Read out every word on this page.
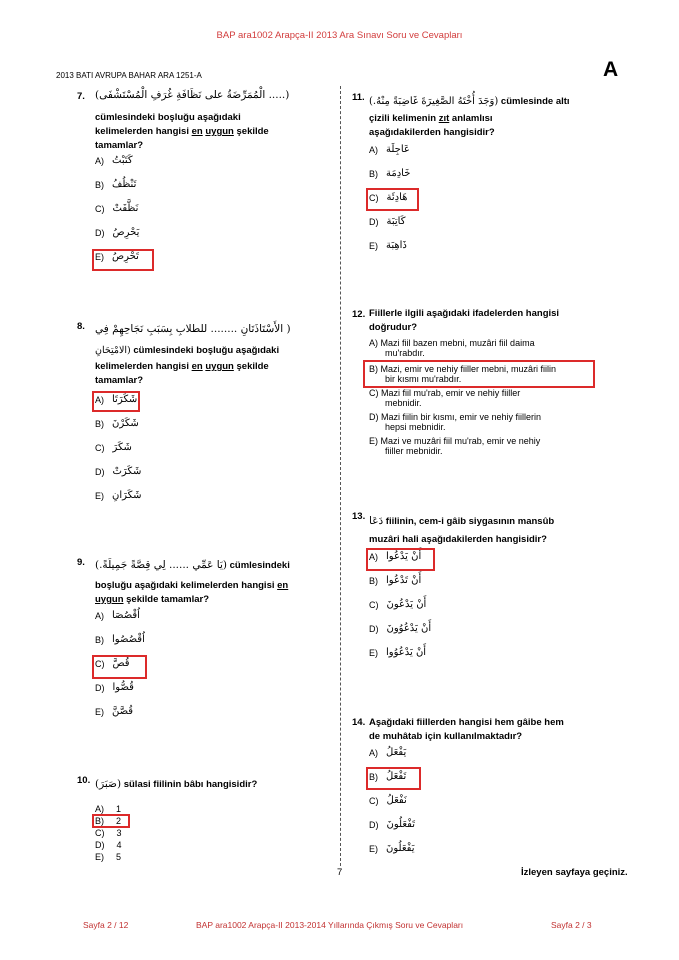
BAP ara1002 Arapça-II 2013 Ara Sınavı Soru ve Cevapları
2013 BATI AVRUPA BAHAR ARA 1251-A	A
7. (..... الْمُمَرِّضَةُ على نَظَافَةِ غُرَفِ الْمُسْتَشْفَى)
cümlesindeki boşluğu aşağıdaki
kelimelerden hangisi en uygun şekilde
tamamlar?
A) كَتَبْتُ
B) تَنْظُفُ
C) نَظَّفَتْ
D) يَحْرِصُ
E) تَحْرِصُ
8. ( الأَسْتَاذَتَانِ ........ للطلابِ بِسَبَبِ نَجَاحِهِمْ فِي
(الامْتِحَانِ cümlesindeki boşluğu aşağıdaki
kelimelerden hangisi en uygun şekilde
tamamlar?
A) شَكَرَتَا
B) شَكَرْنَ
C) شَكَرَ
D) شَكَرَتْ
E) شَكَرَانِ
9. (يَا عَمِّي ...... لِي قِصَّةً جَمِيلَةً.) cümlesindeki
boşluğu aşağıdaki kelimelerden hangisi en
uygun şekilde tamamlar?
A) اُقْصُصَا
B) اُقْصُصُوا
C) قُصَّ
D) قُصُّوا
E) قُصَّنَّ
10. (صَبَرَ) sülasi fiilinin bâbı hangisidir?
A) 1
B) 2
C) 3
D) 4
E) 5
11. (وَجَدَ أُخْتَهُ الصَّغِيرَةَ غَاضِبَةً مِنْهُ.) cümlesinde altı
çizili kelimenin zıt anlamlısı
aşağıdakilerden hangisidir?
A) عَاجِلَة
B) خَادِمَة
C) هَادِئَة
D) كَاتِبَة
E) ذَاهِبَة
12. Fiillerle ilgili aşağıdaki ifadelerden hangisi
doğrudur?
A) Mazi fiil bazen mebni, muzâri fiil daima
mu'rabdır.
B) Mazi, emir ve nehiy fiiller mebni, muzâri fiilin
bir kısmı mu'rabdır.
C) Mazi fiil mu'rab, emir ve nehiy fiiller
mebnidir.
D) Mazi fiilin bir kısmı, emir ve nehiy fiillerin
hepsi mebnidir.
E) Mazi ve muzâri fiil mu'rab, emir ve nehiy
fiiller mebnidir.
13. دَعَا fiilinin, cem-i gâib siygasının mansûb
muzâri hali aşağıdakilerden hangisidir?
A) أَنْ يَدْعُوا
B) أَنْ تَدْعُوا
C) أَنْ يَدْعُونَ
D) أَنْ يَدْعُوُونَ
E) أَنْ يَدْعُوُوا
14. Aşağıdaki fiillerden hangisi hem gâibe hem
de muhâtab için kullanılmaktadır?
A) يَفْعَلُ
B) تَفْعَلُ
C) نَفْعَلُ
D) تَفْعَلُونَ
E) يَفْعَلُونَ
7	İzleyen sayfaya geçiniz.
Sayfa 2 / 12	BAP ara1002 Arapça-II 2013-2014 Yıllarında Çıkmış Soru ve Cevapları	Sayfa 2 / 3
